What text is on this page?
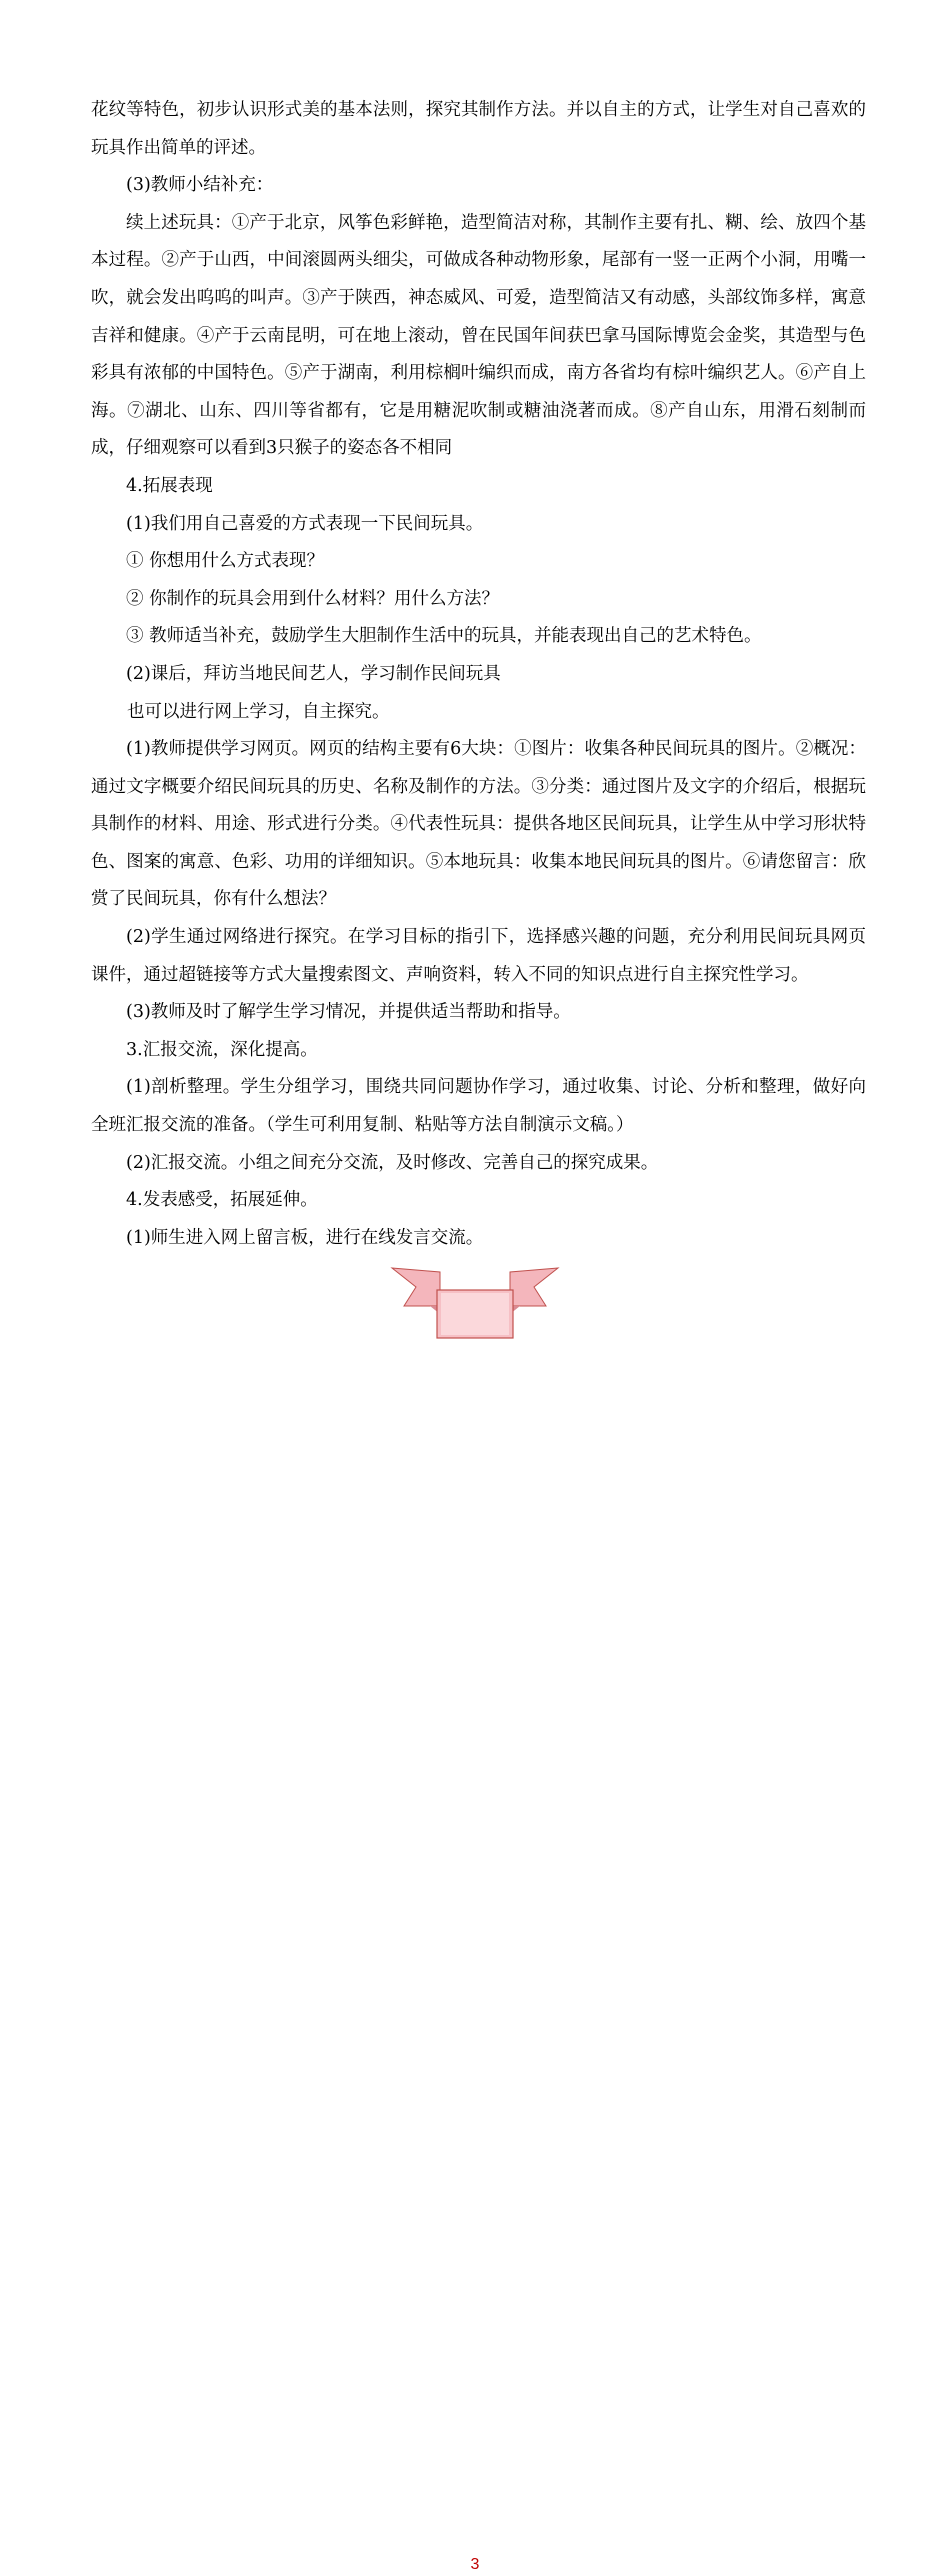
花纹等特色，初步认识形式美的基本法则，探究其制作方法。并以自主的方式，让学生对自己喜欢的玩具作出简单的评述。

(3)教师小结补充：

续上述玩具：①产于北京，风筝色彩鲜艳，造型简洁对称，其制作主要有扎、糊、绘、放四个基本过程。②产于山西，中间滚圆两头细尖，可做成各种动物形象，尾部有一竖一正两个小洞，用嘴一吹，就会发出呜呜的叫声。③产于陕西，神态威风、可爱，造型简洁又有动感，头部纹饰多样，寓意吉祥和健康。④产于云南昆明，可在地上滚动，曾在民国年间获巴拿马国际博览会金奖，其造型与色彩具有浓郁的中国特色。⑤产于湖南，利用棕榈叶编织而成，南方各省均有棕叶编织艺人。⑥产自上海。⑦湖北、山东、四川等省都有，它是用糖泥吹制或糖油浇著而成。⑧产自山东，用滑石刻制而成，仔细观察可以看到3只猴子的姿态各不相同

4.拓展表现

(1)我们用自己喜爱的方式表现一下民间玩具。

① 你想用什么方式表现？

② 你制作的玩具会用到什么材料？用什么方法？

③ 教师适当补充，鼓励学生大胆制作生活中的玩具，并能表现出自己的艺术特色。

(2)课后，拜访当地民间艺人，学习制作民间玩具

也可以进行网上学习，自主探究。

(1)教师提供学习网页。网页的结构主要有6大块：①图片：收集各种民间玩具的图片。②概况：通过文字概要介绍民间玩具的历史、名称及制作的方法。③分类：通过图片及文字的介绍后，根据玩具制作的材料、用途、形式进行分类。④代表性玩具：提供各地区民间玩具，让学生从中学习形状特色、图案的寓意、色彩、功用的详细知识。⑤本地玩具：收集本地民间玩具的图片。⑥请您留言：欣赏了民间玩具，你有什么想法？

(2)学生通过网络进行探究。在学习目标的指引下，选择感兴趣的问题，充分利用民间玩具网页课件，通过超链接等方式大量搜索图文、声响资料，转入不同的知识点进行自主探究性学习。

(3)教师及时了解学生学习情况，并提供适当帮助和指导。

3.汇报交流，深化提高。

(1)剖析整理。学生分组学习，围绕共同问题协作学习，通过收集、讨论、分析和整理，做好向全班汇报交流的准备。（学生可利用复制、粘贴等方法自制演示文稿。）

(2)汇报交流。小组之间充分交流，及时修改、完善自己的探究成果。

4.发表感受，拓展延伸。

(1)师生进入网上留言板，进行在线发言交流。

3
